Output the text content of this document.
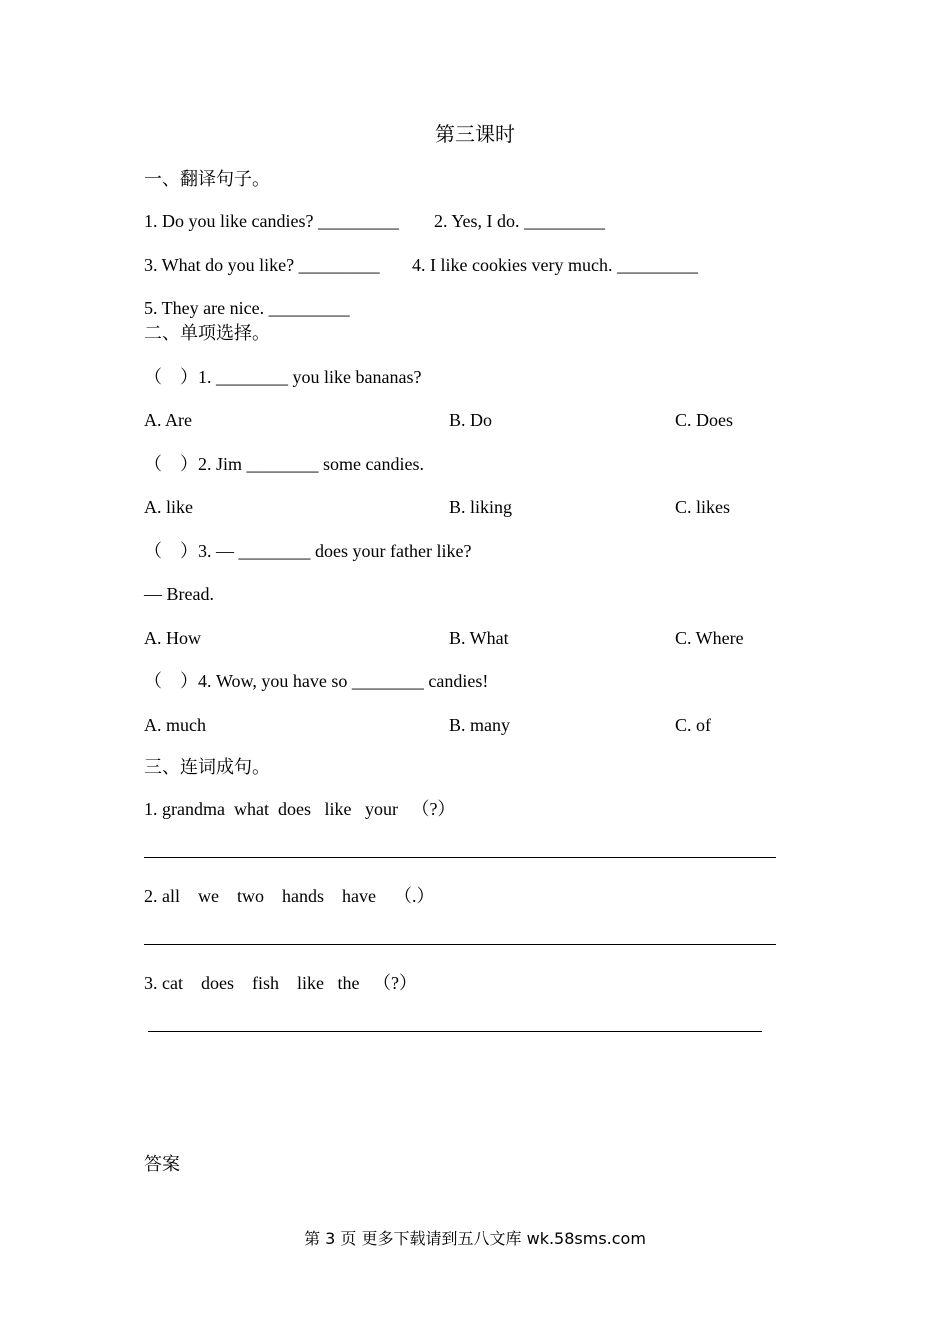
第三课时
一、翻译句子。
1. Do you like candies? _________ 2. Yes, I do. _________
3. What do you like? _________ 4. I like cookies very much. _________
5. They are nice. _________
二、单项选择。
（    ）1. ________ you like bananas?
A. Are	B. Do	C. Does
（    ）2. Jim ________ some candies.
A. like	B. liking	C. likes
（    ）3. — ________ does your father like?
— Bread.
A. How	B. What	C. Where
（    ）4. Wow, you have so ________ candies!
A. much	B. many	C. of
三、连词成句。
1. grandma  what  does   like   your   （?）
2. all    we    two    hands    have    （.）
3. cat    does    fish    like   the   （?）
答案
第 3 页 更多下载请到五八文库 wk.58sms.com
